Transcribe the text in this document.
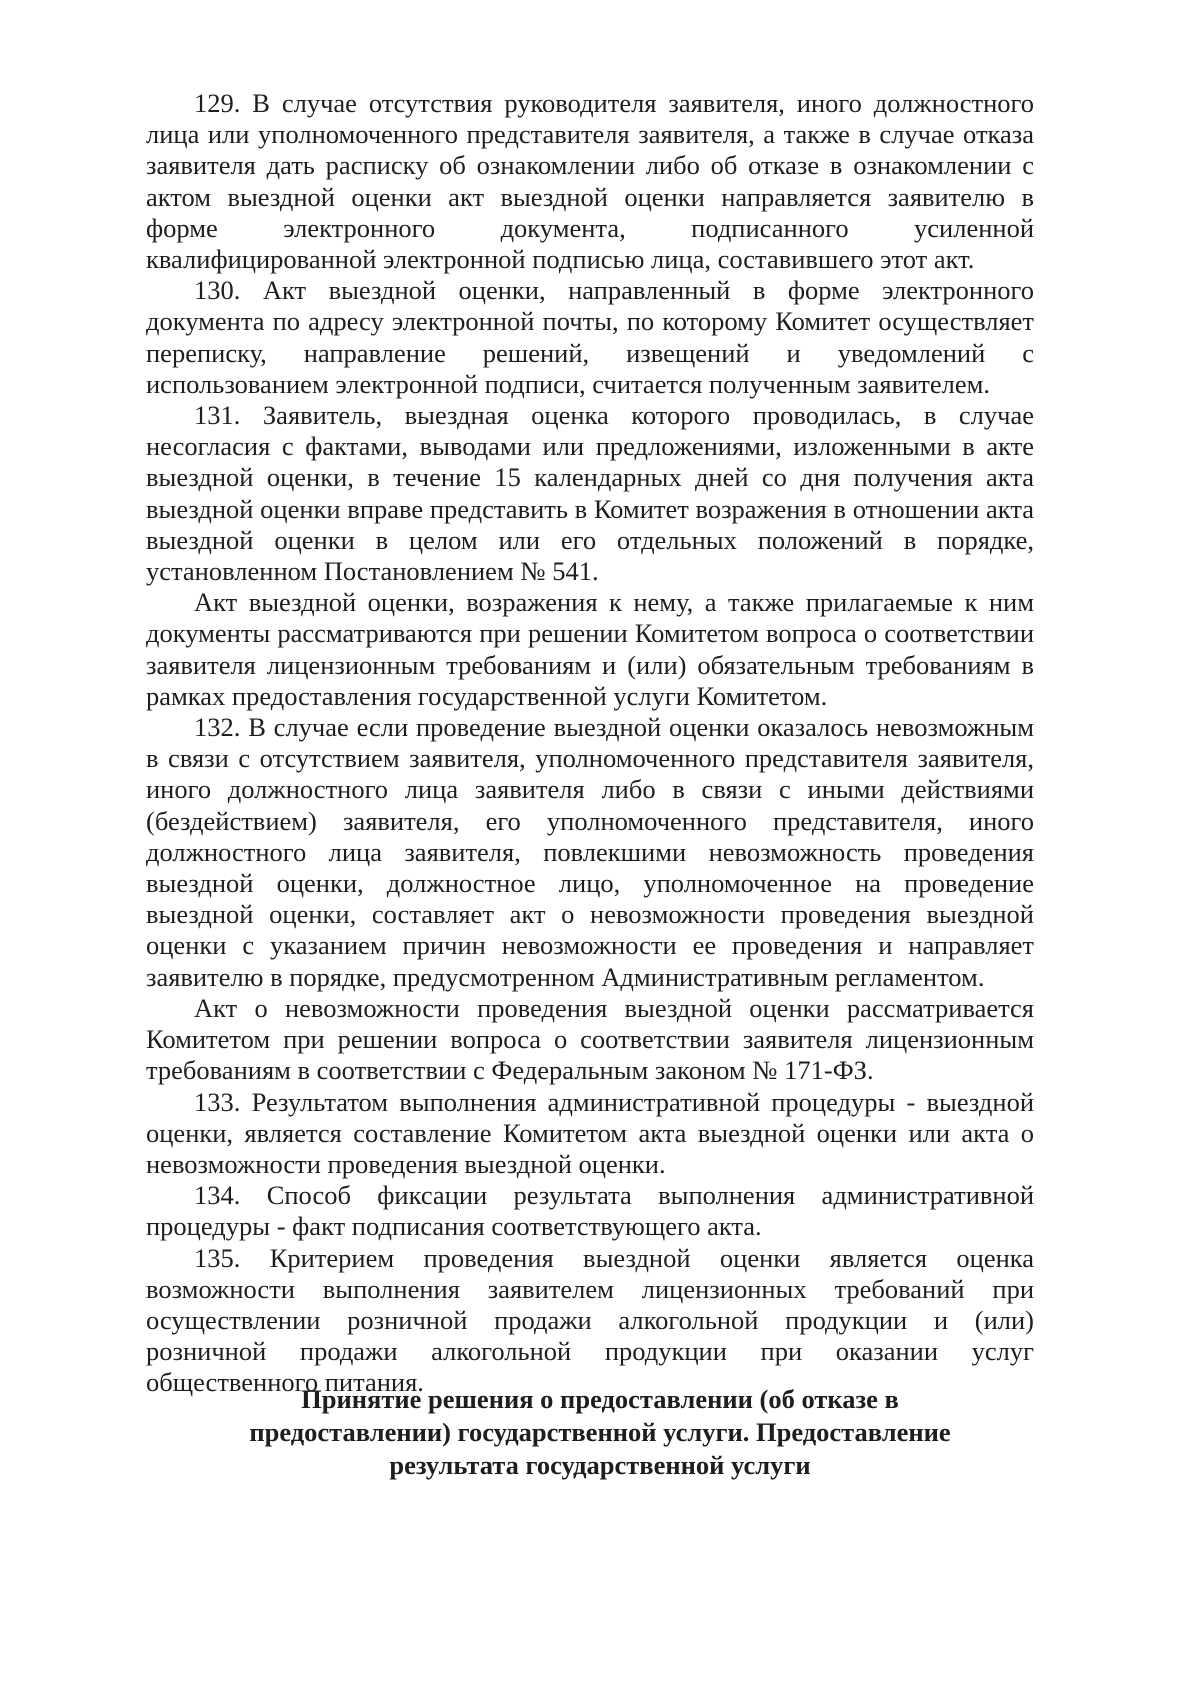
129. В случае отсутствия руководителя заявителя, иного должностного лица или уполномоченного представителя заявителя, а также в случае отказа заявителя дать расписку об ознакомлении либо об отказе в ознакомлении с актом выездной оценки акт выездной оценки направляется заявителю в форме электронного документа, подписанного усиленной квалифицированной электронной подписью лица, составившего этот акт.

130. Акт выездной оценки, направленный в форме электронного документа по адресу электронной почты, по которому Комитет осуществляет переписку, направление решений, извещений и уведомлений с использованием электронной подписи, считается полученным заявителем.

131. Заявитель, выездная оценка которого проводилась, в случае несогласия с фактами, выводами или предложениями, изложенными в акте выездной оценки, в течение 15 календарных дней со дня получения акта выездной оценки вправе представить в Комитет возражения в отношении акта выездной оценки в целом или его отдельных положений в порядке, установленном Постановлением № 541.

Акт выездной оценки, возражения к нему, а также прилагаемые к ним документы рассматриваются при решении Комитетом вопроса о соответствии заявителя лицензионным требованиям и (или) обязательным требованиям в рамках предоставления государственной услуги Комитетом.

132. В случае если проведение выездной оценки оказалось невозможным в связи с отсутствием заявителя, уполномоченного представителя заявителя, иного должностного лица заявителя либо в связи с иными действиями (бездействием) заявителя, его уполномоченного представителя, иного должностного лица заявителя, повлекшими невозможность проведения выездной оценки, должностное лицо, уполномоченное на проведение выездной оценки, составляет акт о невозможности проведения выездной оценки с указанием причин невозможности ее проведения и направляет заявителю в порядке, предусмотренном Административным регламентом.

Акт о невозможности проведения выездной оценки рассматривается Комитетом при решении вопроса о соответствии заявителя лицензионным требованиям в соответствии с Федеральным законом № 171-ФЗ.

133. Результатом выполнения административной процедуры - выездной оценки, является составление Комитетом акта выездной оценки или акта о невозможности проведения выездной оценки.

134. Способ фиксации результата выполнения административной процедуры - факт подписания соответствующего акта.

135. Критерием проведения выездной оценки является оценка возможности выполнения заявителем лицензионных требований при осуществлении розничной продажи алкогольной продукции и (или) розничной продажи алкогольной продукции при оказании услуг общественного питания.

Принятие решения о предоставлении (об отказе в
предоставлении) государственной услуги. Предоставление
результата государственной услуги
